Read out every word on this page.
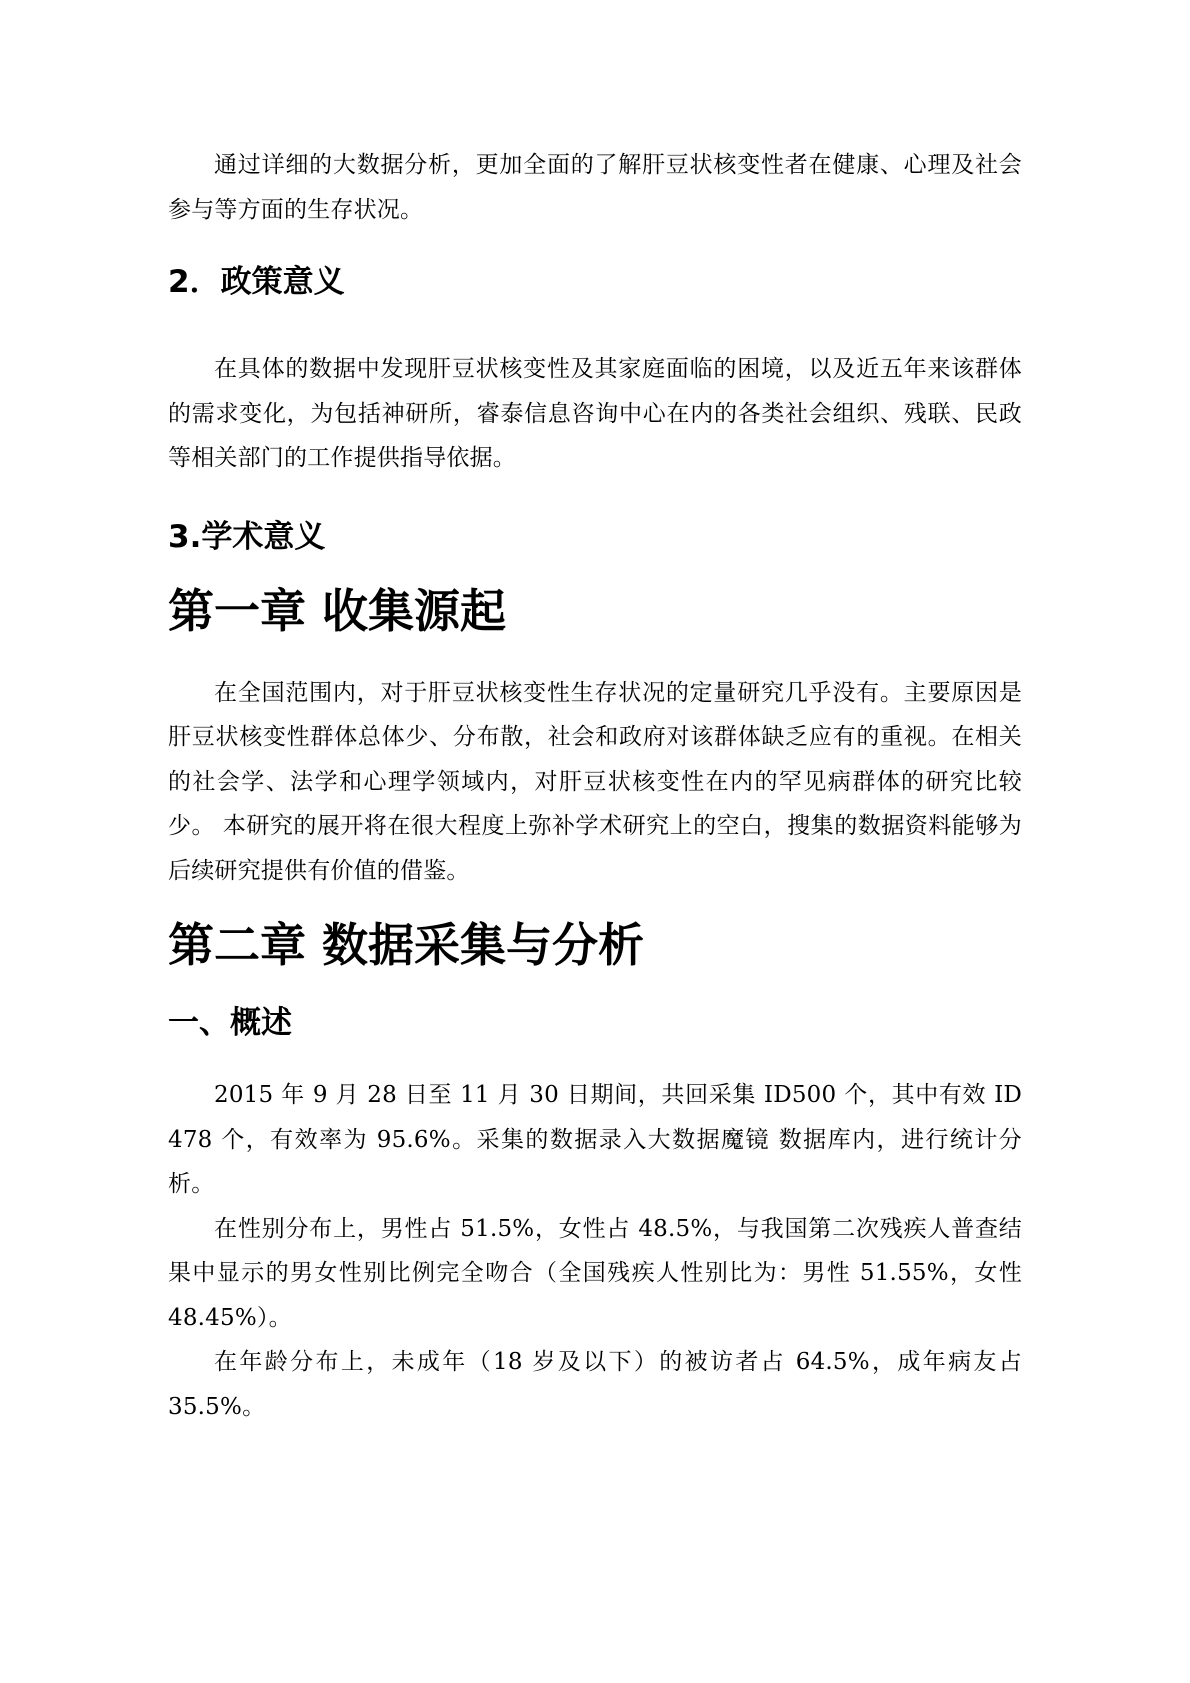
通过详细的大数据分析，更加全面的了解肝豆状核变性者在健康、心理及社会参与等方面的生存状况。

2．政策意义

在具体的数据中发现肝豆状核变性及其家庭面临的困境，以及近五年来该群体的需求变化，为包括神研所，睿泰信息咨询中心在内的各类社会组织、残联、民政等相关部门的工作提供指导依据。

3.学术意义
第一章 收集源起

在全国范围内，对于肝豆状核变性生存状况的定量研究几乎没有。主要原因是肝豆状核变性群体总体少、分布散，社会和政府对该群体缺乏应有的重视。在相关的社会学、法学和心理学领域内，对肝豆状核变性在内的罕见病群体的研究比较少。 本研究的展开将在很大程度上弥补学术研究上的空白，搜集的数据资料能够为后续研究提供有价值的借鉴。

第二章 数据采集与分析
一、概述

2015 年 9 月 28 日至 11 月 30 日期间，共回采集 ID500 个，其中有效 ID 478 个，有效率为 95.6%。采集的数据录入大数据魔镜 数据库内，进行统计分析。

在性别分布上，男性占 51.5%，女性占 48.5%，与我国第二次残疾人普查结果中显示的男女性别比例完全吻合（全国残疾人性别比为：男性 51.55%，女性 48.45%）。

在年龄分布上，未成年（18 岁及以下）的被访者占 64.5%，成年病友占 35.5%。
